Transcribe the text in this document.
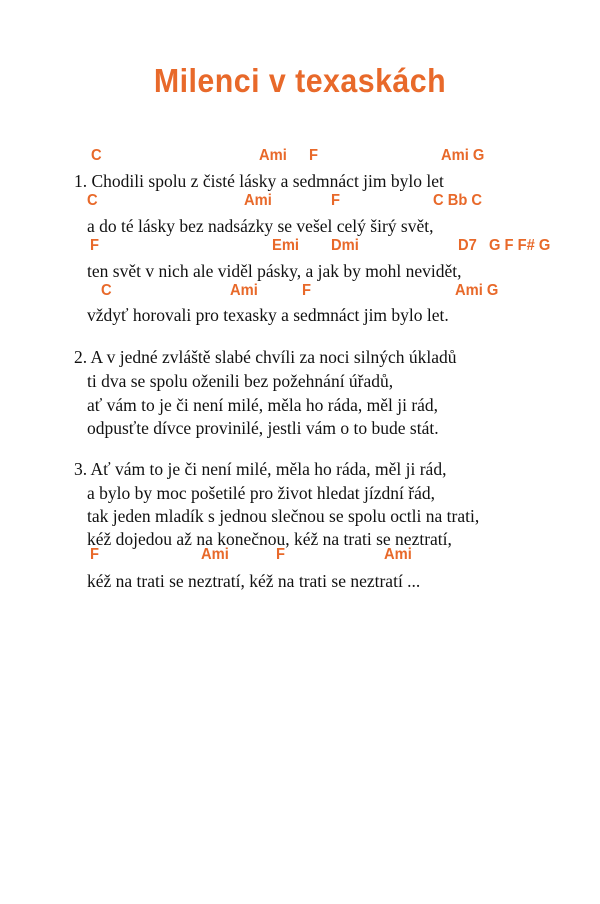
Milenci v texaskách
C	Ami F	Ami G
1. Chodili spolu z čisté lásky a sedmnáct jim bylo let
C	Ami	F	C Bb C
a do té lásky bez nadsázky se vešel celý širý svět,
F	Emi Dmi	D7 G F F# G
ten svět v nich ale viděl pásky, a jak by mohl nevidět,
C	Ami	F	Ami G
vždyť horovali pro texasky a sedmnáct jim bylo let.
2. A v jedné zvláště slabé chvíli za noci silných úkladů
ti dva se spolu oženili bez požehnání úřadů,
ať vám to je či není milé, měla ho ráda, měl ji rád,
odpusťte dívce provinilé, jestli vám o to bude stát.
3. Ať vám to je či není milé, měla ho ráda, měl ji rád,
a bylo by moc pošetilé pro život hledat jízdní řád,
tak jeden mladík s jednou slečnou se spolu octli na trati,
kéž dojedou až na konečnou, kéž na trati se neztratí,
F	Ami	F	Ami
kéž na trati se neztratí, kéž na trati se neztratí ...
